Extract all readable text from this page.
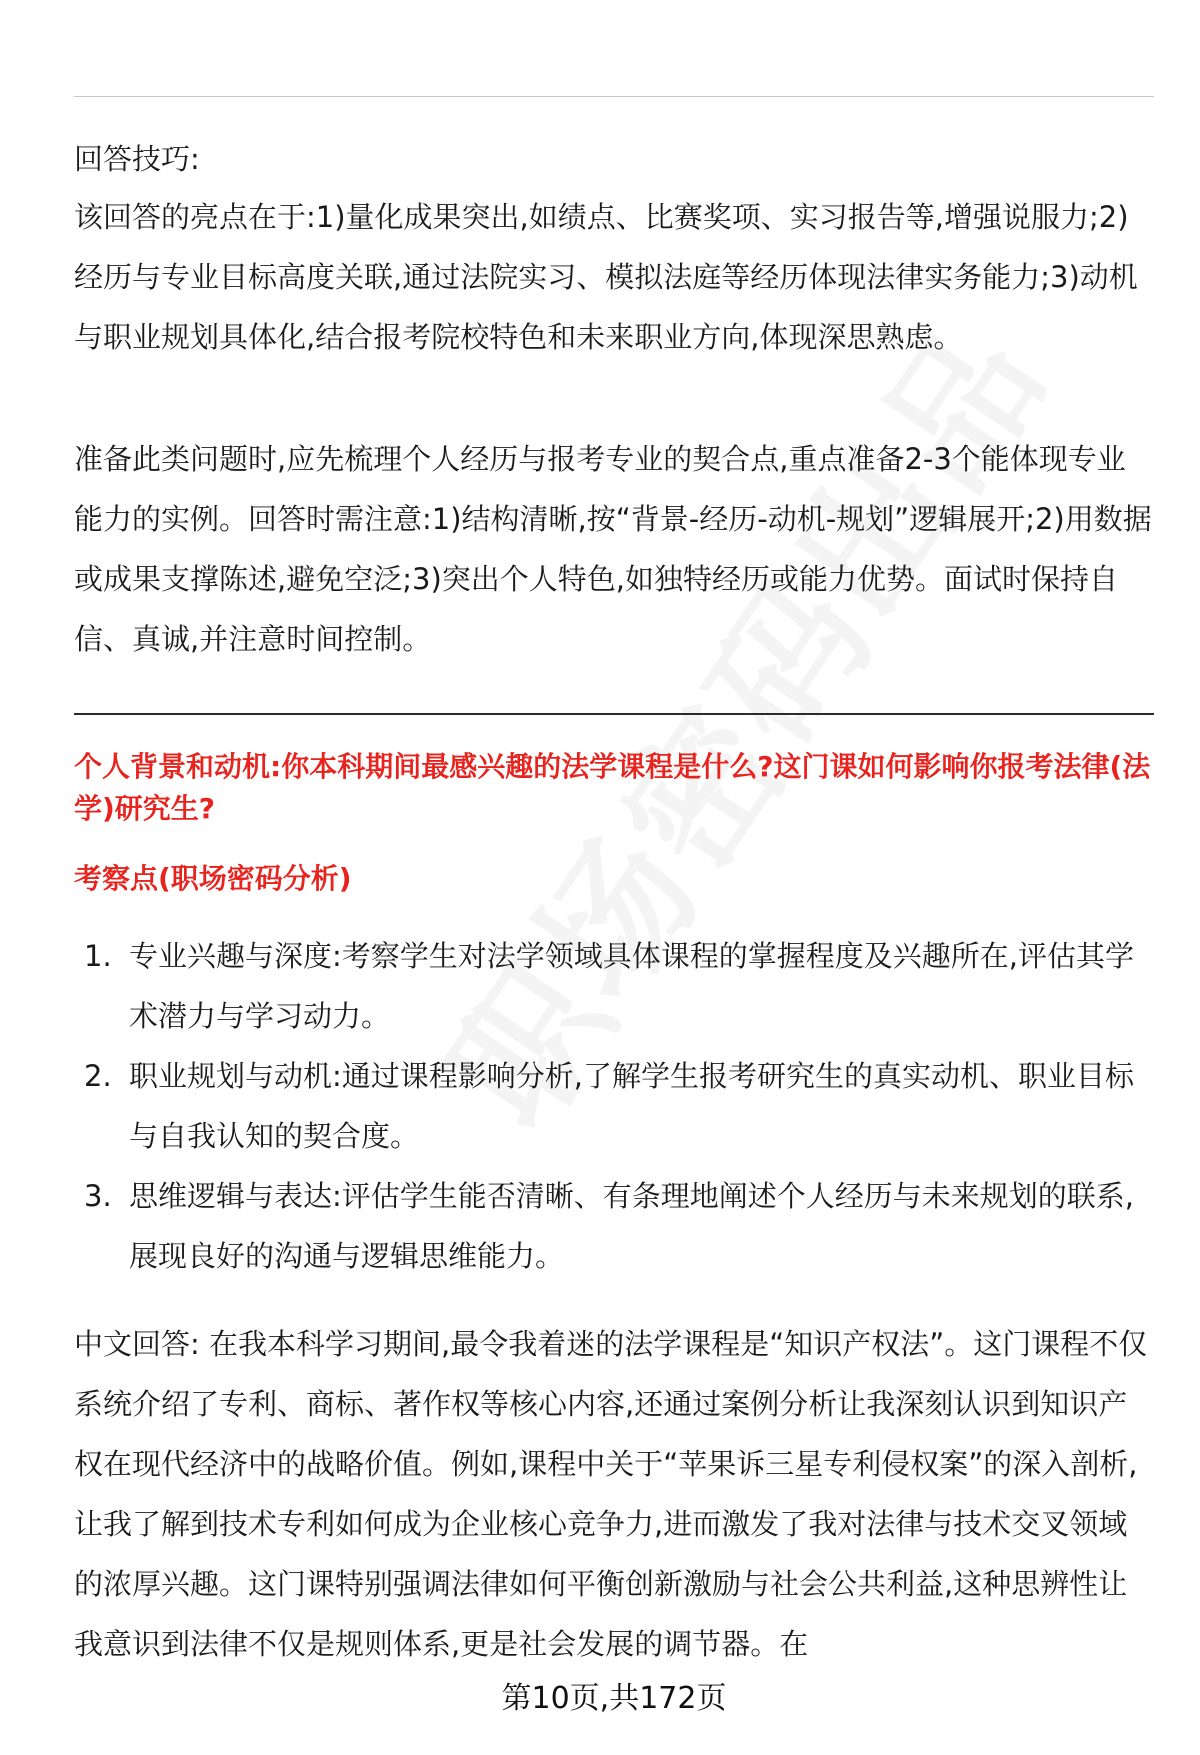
回答技巧:

该回答的亮点在于:1)量化成果突出,如绩点、比赛奖项、实习报告等,增强说服力;2)经历与专业目标高度关联,通过法院实习、模拟法庭等经历体现法律实务能力;3)动机与职业规划具体化,结合报考院校特色和未来职业方向,体现深思熟虑。

准备此类问题时,应先梳理个人经历与报考专业的契合点,重点准备2-3个能体现专业能力的实例。回答时需注意:1)结构清晰,按“背景-经历-动机-规划”逻辑展开;2)用数据或成果支撑陈述,避免空泛;3)突出个人特色,如独特经历或能力优势。面试时保持自信、真诚,并注意时间控制。

个人背景和动机:你本科期间最感兴趣的法学课程是什么?这门课如何影响你报考法律(法学)研究生?
考察点(职场密码分析)
1. 专业兴趣与深度:考察学生对法学领域具体课程的掌握程度及兴趣所在,评估其学术潜力与学习动力。
2. 职业规划与动机:通过课程影响分析,了解学生报考研究生的真实动机、职业目标与自我认知的契合度。
3. 思维逻辑与表达:评估学生能否清晰、有条理地阐述个人经历与未来规划的联系,展现良好的沟通与逻辑思维能力。

中文回答: 在我本科学习期间,最令我着迷的法学课程是“知识产权法”。这门课程不仅系统介绍了专利、商标、著作权等核心内容,还通过案例分析让我深刻认识到知识产权在现代经济中的战略价值。例如,课程中关于“苹果诉三星专利侵权案”的深入剖析,让我了解到技术专利如何成为企业核心竞争力,进而激发了我对法律与技术交叉领域的浓厚兴趣。这门课特别强调法律如何平衡创新激励与社会公共利益,这种思辨性让我意识到法律不仅是规则体系,更是社会发展的调节器。在

第10页,共172页
